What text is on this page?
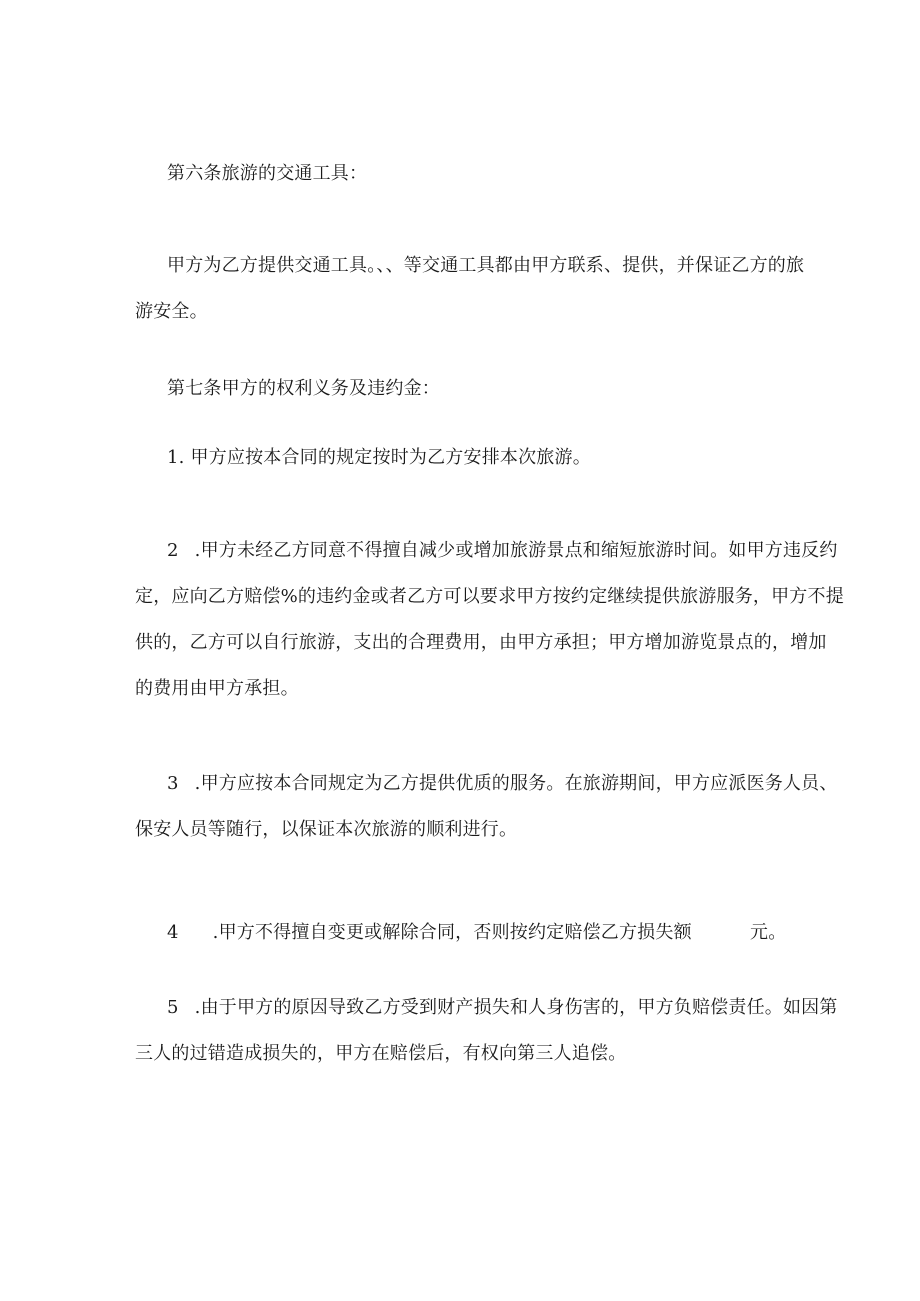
第六条旅游的交通工具：
甲方为乙方提供交通工具。、、等交通工具都由甲方联系、提供，并保证乙方的旅
游安全。
第七条甲方的权利义务及违约金：
1. 甲方应按本合同的规定按时为乙方安排本次旅游。
2 .甲方未经乙方同意不得擅自减少或增加旅游景点和缩短旅游时间。如甲方违反约
定，应向乙方赔偿%的违约金或者乙方可以要求甲方按约定继续提供旅游服务，甲方不提
供的，乙方可以自行旅游，支出的合理费用，由甲方承担；甲方增加游览景点的，增加
的费用由甲方承担。
3 .甲方应按本合同规定为乙方提供优质的服务。在旅游期间，甲方应派医务人员、
保安人员等随行，以保证本次旅游的顺利进行。
4 .甲方不得擅自变更或解除合同，否则按约定赔偿乙方损失额	元。
5 .由于甲方的原因导致乙方受到财产损失和人身伤害的，甲方负赔偿责任。如因第
三人的过错造成损失的，甲方在赔偿后，有权向第三人追偿。
